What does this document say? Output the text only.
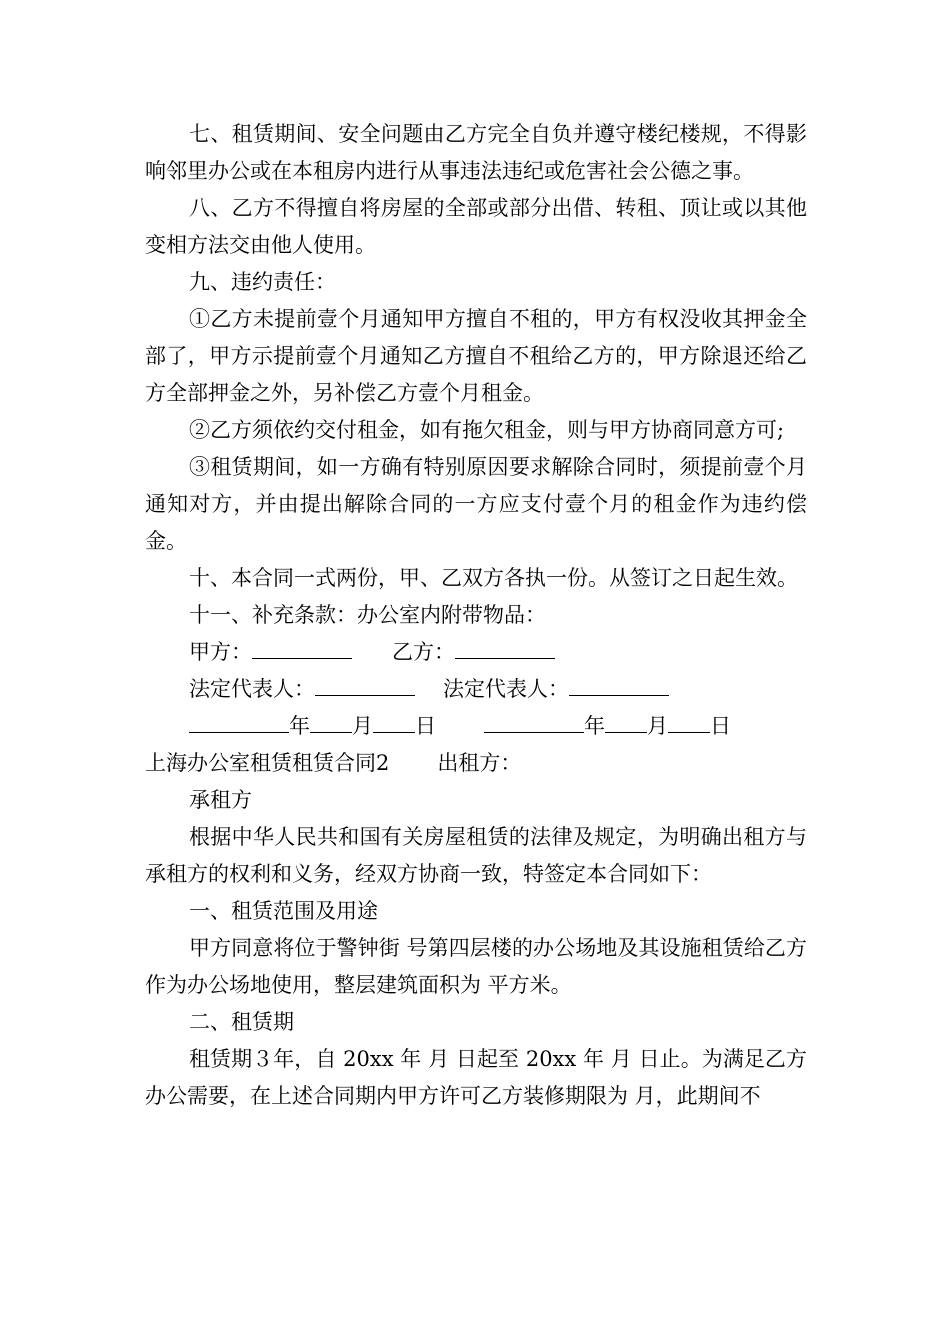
七、租赁期间、安全问题由乙方完全自负并遵守楼纪楼规，不得影响邻里办公或在本租房内进行从事违法违纪或危害社会公德之事。

八、乙方不得擅自将房屋的全部或部分出借、转租、顶让或以其他变相方法交由他人使用。

九、违约责任：

①乙方未提前壹个月通知甲方擅自不租的，甲方有权没收其押金全部了，甲方示提前壹个月通知乙方擅自不租给乙方的，甲方除退还给乙方全部押金之外，另补偿乙方壹个月租金。

②乙方须依约交付租金，如有拖欠租金，则与甲方协商同意方可;

③租赁期间，如一方确有特别原因要求解除合同时，须提前壹个月通知对方，并由提出解除合同的一方应支付壹个月的租金作为违约偿金。

十、本合同一式两份，甲、乙双方各执一份。从签订之日起生效。

十一、补充条款：办公室内附带物品：

甲方：	乙方：
法定代表人：	法定代表人：
年 月 日	年 月 日

上海办公室租赁租赁合同2 出租方：

承租方

根据中华人民共和国有关房屋租赁的法律及规定，为明确出租方与承租方的权利和义务，经双方协商一致，特签定本合同如下：

一、租赁范围及用途

甲方同意将位于警钟街 号第四层楼的办公场地及其设施租赁给乙方作为办公场地使用，整层建筑面积为 平方米。

二、租赁期

租赁期３年，自 20xx 年 月 日起至 20xx 年 月 日止。为满足乙方办公需要，在上述合同期内甲方许可乙方装修期限为 月，此期间不
